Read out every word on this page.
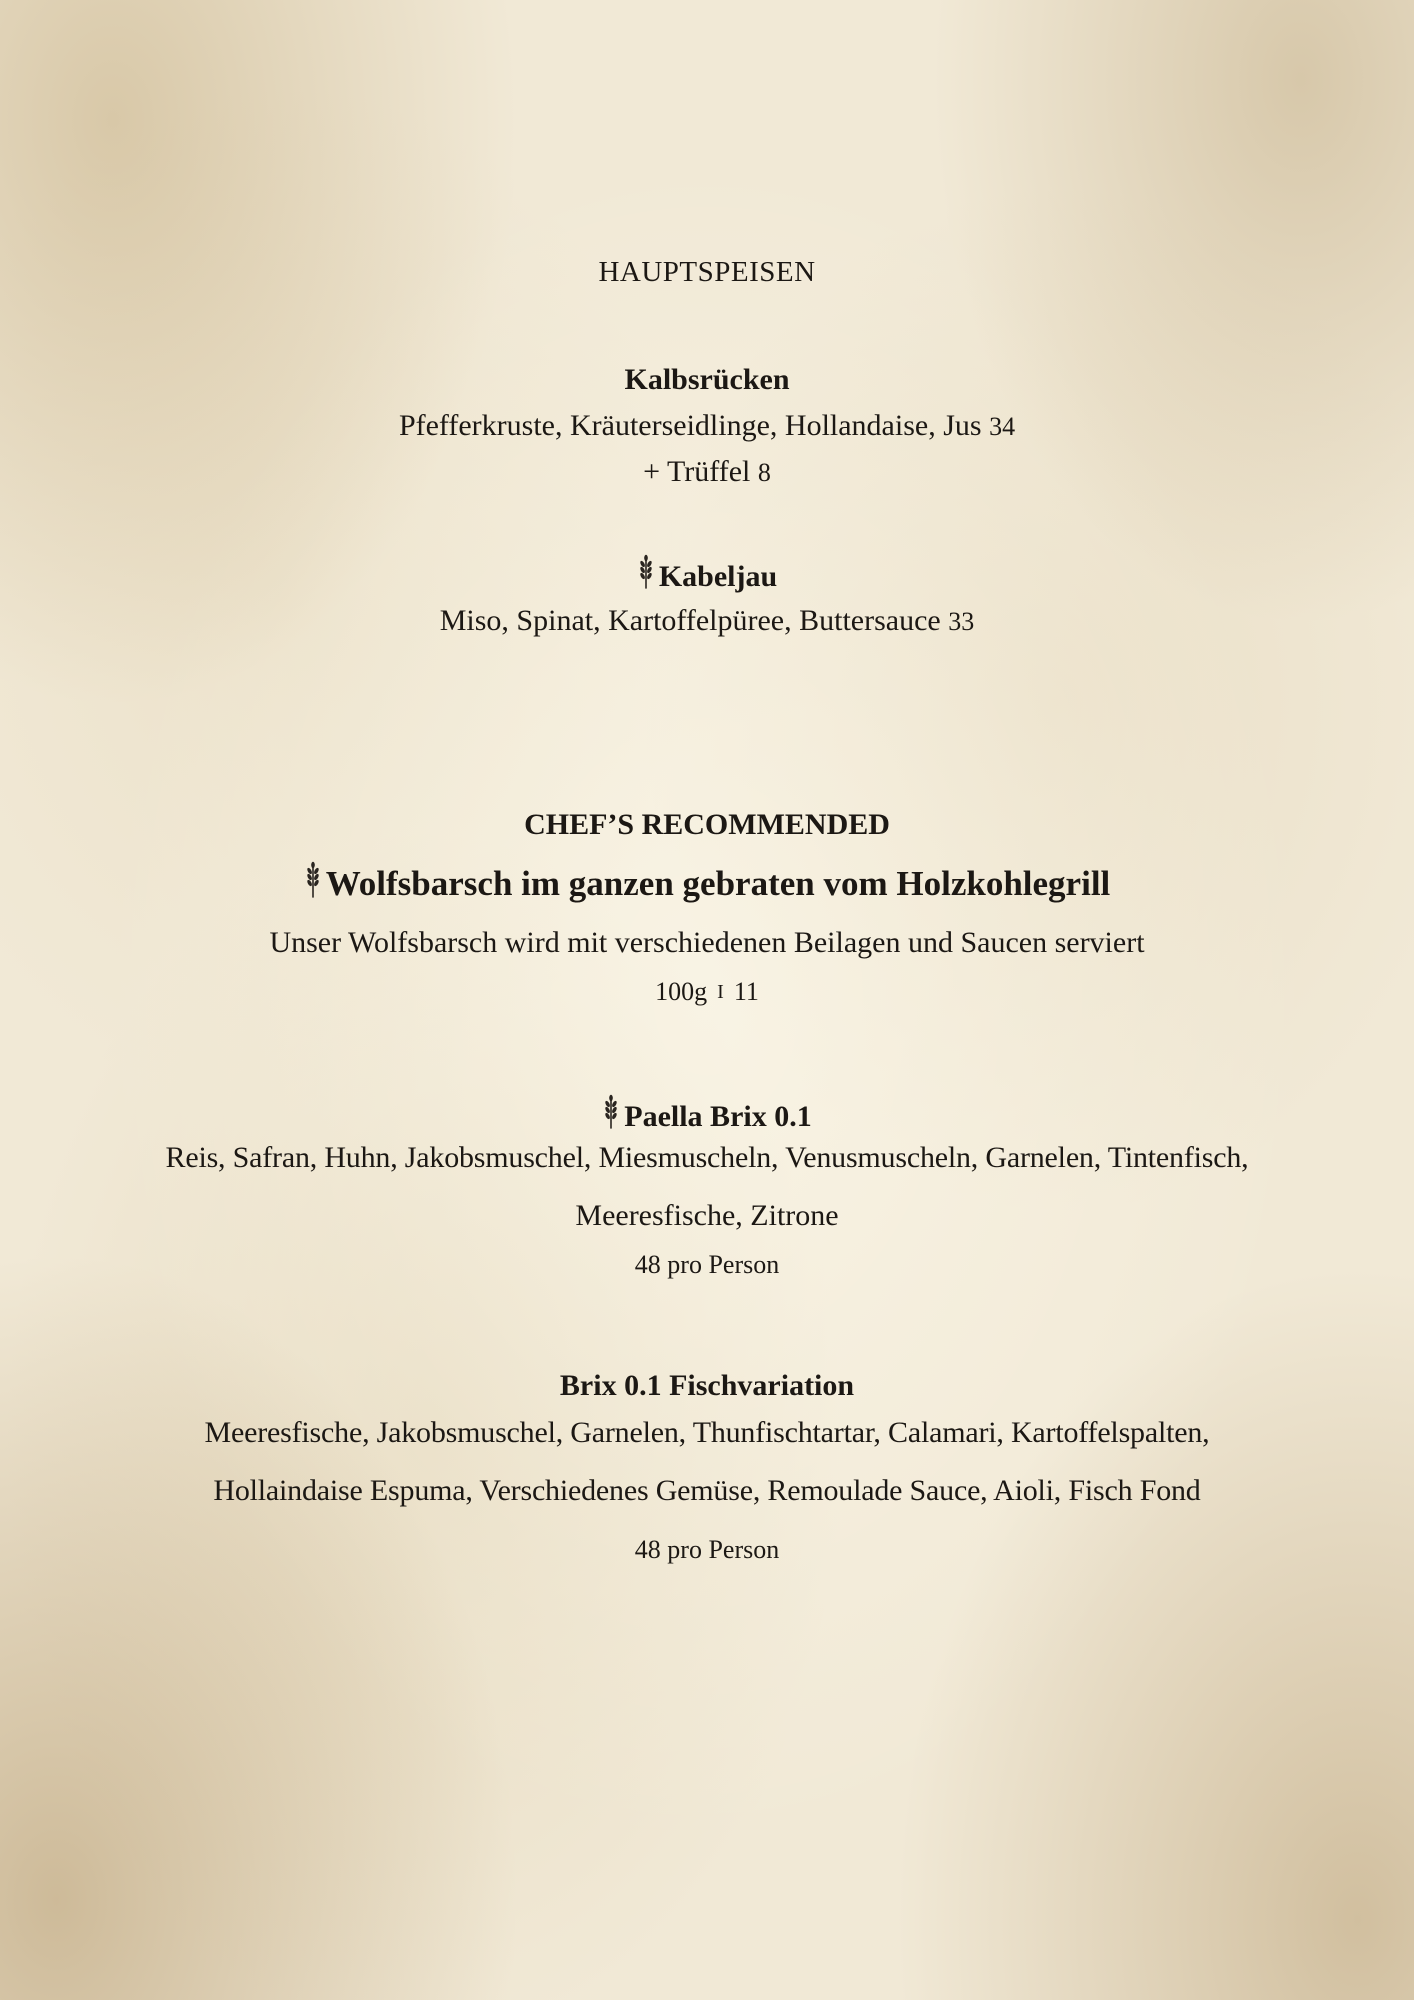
HAUPTSPEISEN
Kalbsrücken
Pfefferkruste, Kräuterseidlinge, Hollandaise, Jus 34
+ Trüffel 8
Kabeljau
Miso, Spinat, Kartoffelpüree, Buttersauce 33
CHEF’S RECOMMENDED
Wolfsbarsch im ganzen gebraten vom Holzkohlegrill
Unser Wolfsbarsch wird mit verschiedenen Beilagen und Saucen serviert
100g I 11
Paella Brix 0.1
Reis, Safran, Huhn, Jakobsmuschel, Miesmuscheln, Venusmuscheln, Garnelen, Tintenfisch,
Meeresfische, Zitrone
48 pro Person
Brix 0.1 Fischvariation
Meeresfische, Jakobsmuschel, Garnelen, Thunfischtartar, Calamari, Kartoffelspalten,
Hollaindaise Espuma, Verschiedenes Gemüse, Remoulade Sauce, Aioli, Fisch Fond
48 pro Person
